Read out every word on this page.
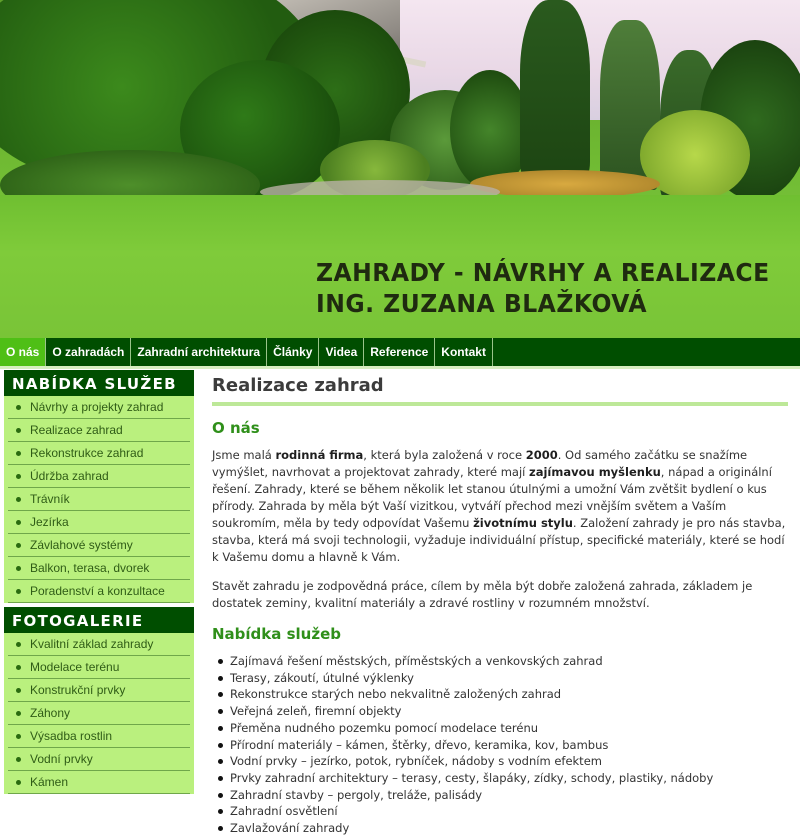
ZAHRADY - NÁVRHY A REALIZACE
ING. ZUZANA BLAŽKOVÁ
O nás	O zahradách	Zahradní architektura	Články	Videa	Reference	Kontakt
NABÍDKA SLUŽEB
Návrhy a projekty zahrad
Realizace zahrad
Rekonstrukce zahrad
Údržba zahrad
Trávník
Jezírka
Závlahové systémy
Balkon, terasa, dvorek
Poradenství a konzultace
FOTOGALERIE
Kvalitní základ zahrady
Modelace terénu
Konstrukční prvky
Záhony
Výsadba rostlin
Vodní prvky
Kámen
Realizace zahrad
O nás

Jsme malá rodinná firma, která byla založená v roce 2000. Od samého začátku se snažíme vymýšlet, navrhovat a projektovat zahrady, které mají zajímavou myšlenku, nápad a originální řešení. Zahrady, které se během několik let stanou útulnými a umožní Vám zvětšit bydlení o kus přírody. Zahrada by měla být Vaší vizitkou, vytváří přechod mezi vnějším světem a Vaším soukromím, měla by tedy odpovídat Vašemu životnímu stylu. Založení zahrady je pro nás stavba, stavba, která má svoji technologii, vyžaduje individuální přístup, specifické materiály, které se hodí k Vašemu domu a hlavně k Vám.

Stavět zahradu je zodpovědná práce, cílem by měla být dobře založená zahrada, základem je dostatek zeminy, kvalitní materiály a zdravé rostliny v rozumném množství.

Nabídka služeb
Zajímavá řešení městských, příměstských a venkovských zahrad
Terasy, zákoutí, útulné výklenky
Rekonstrukce starých nebo nekvalitně založených zahrad
Veřejná zeleň, firemní objekty
Přeměna nudného pozemku pomocí modelace terénu
Přírodní materiály – kámen, štěrky, dřevo, keramika, kov, bambus
Vodní prvky – jezírko, potok, rybníček, nádoby s vodním efektem
Prvky zahradní architektury – terasy, cesty, šlapáky, zídky, schody, plastiky, nádoby
Zahradní stavby – pergoly, treláže, palisády
Zahradní osvětlení
Zavlažování zahrady
